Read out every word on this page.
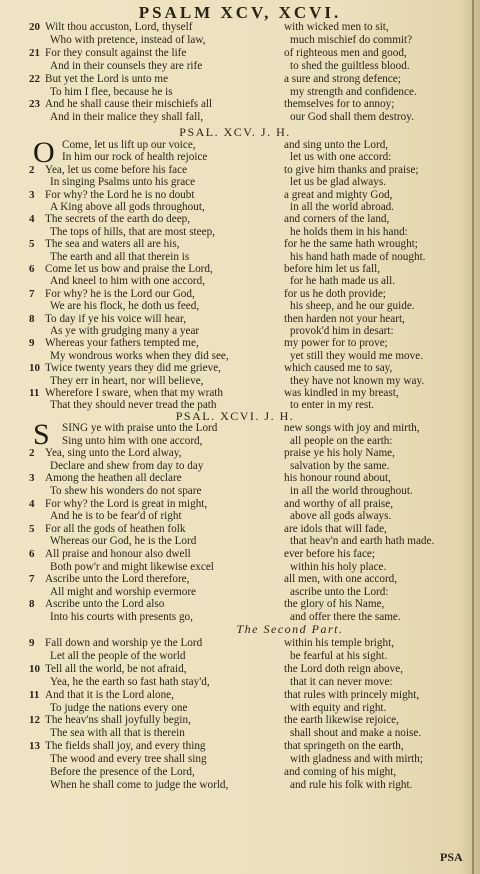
PSALM XCV, XCVI.
20 Wilt thou accuston, Lord, thyself	with wicked men to sit,
Who with pretence, instead of law,	much mischief do commit?
21 For they consult against the life	of righteous men and good,
And in their counsels they are rife	to shed the guiltless blood.
22 But yet the Lord is unto me	a sure and strong defence;
To him I flee, because he is	my strength and confidence.
23 And he shall cause their mischiefs all	themselves for to annoy;
And in their malice they shall fall,	our God shall them destroy.
PSAL. XCV. J. H.
O Come, let us lift up our voice,	and sing unto the Lord,
In him our rock of health rejoice	let us with one accord:
2 Yea, let us come before his face	to give him thanks and praise;
In singing Psalms unto his grace	let us be glad always.
3 For why? the Lord he is no doubt	a great and mighty God,
A King above all gods throughout,	in all the world abroad.
4 The secrets of the earth do deep,	and corners of the land,
The tops of hills, that are most steep,	he holds them in his hand:
5 The sea and waters all are his,	for he the same hath wrought;
The earth and all that therein is	his hand hath made of nought.
6 Come let us bow and praise the Lord,	before him let us fall,
And kneel to him with one accord,	for he hath made us all.
7 For why? he is the Lord our God,	for us he doth provide;
We are his flock, he doth us feed,	his sheep, and he our guide.
8 To day if ye his voice will hear,	then harden not your heart,
As ye with grudging many a year	provok'd him in desart:
9 Whereas your fathers tempted me,	my power for to prove;
My wondrous works when they did see,	yet still they would me move.
10 Twice twenty years they did me grieve,	which caused me to say,
They err in heart, nor will believe,	they have not known my way.
11 Wherefore I sware, when that my wrath	was kindled in my breast,
That they should never tread the path	to enter in my rest.
PSAL. XCVI. J. H.
S SING ye with praise unto the Lord	new songs with joy and mirth,
Sing unto him with one accord,	all people on the earth:
2 Yea, sing unto the Lord alway,	praise ye his holy Name,
Declare and shew from day to day	salvation by the same.
3 Among the heathen all declare	his honour round about,
To shew his wonders do not spare	in all the world throughout.
4 For why? the Lord is great in might,	and worthy of all praise,
And he is to be fear'd of right	above all gods always.
5 For all the gods of heathen folk	are idols that will fade,
Whereas our God, he is the Lord	that heav'n and earth hath made.
6 All praise and honour also dwell	ever before his face;
Both pow'r and might likewise excel	within his holy place.
7 Ascribe unto the Lord therefore,	all men, with one accord,
All might and worship evermore	ascribe unto the Lord:
8 Ascribe unto the Lord also	the glory of his Name,
Into his courts with presents go,	and offer there the same.
The Second Part.
9 Fall down and worship ye the Lord	within his temple bright,
Let all the people of the world	be fearful at his sight.
10 Tell all the world, be not afraid,	the Lord doth reign above,
Yea, he the earth so fast hath stay'd,	that it can never move:
11 And that it is the Lord alone,	that rules with princely might,
To judge the nations every one	with equity and right.
12 The heav'ns shall joyfully begin,	the earth likewise rejoice,
The sea with all that is therein	shall shout and make a noise.
13 The fields shall joy, and every thing	that springeth on the earth,
The wood and every tree shall sing	with gladness and with mirth;
Before the presence of the Lord,	and coming of his might,
When he shall come to judge the world,	and rule his folk with right.
PSA
